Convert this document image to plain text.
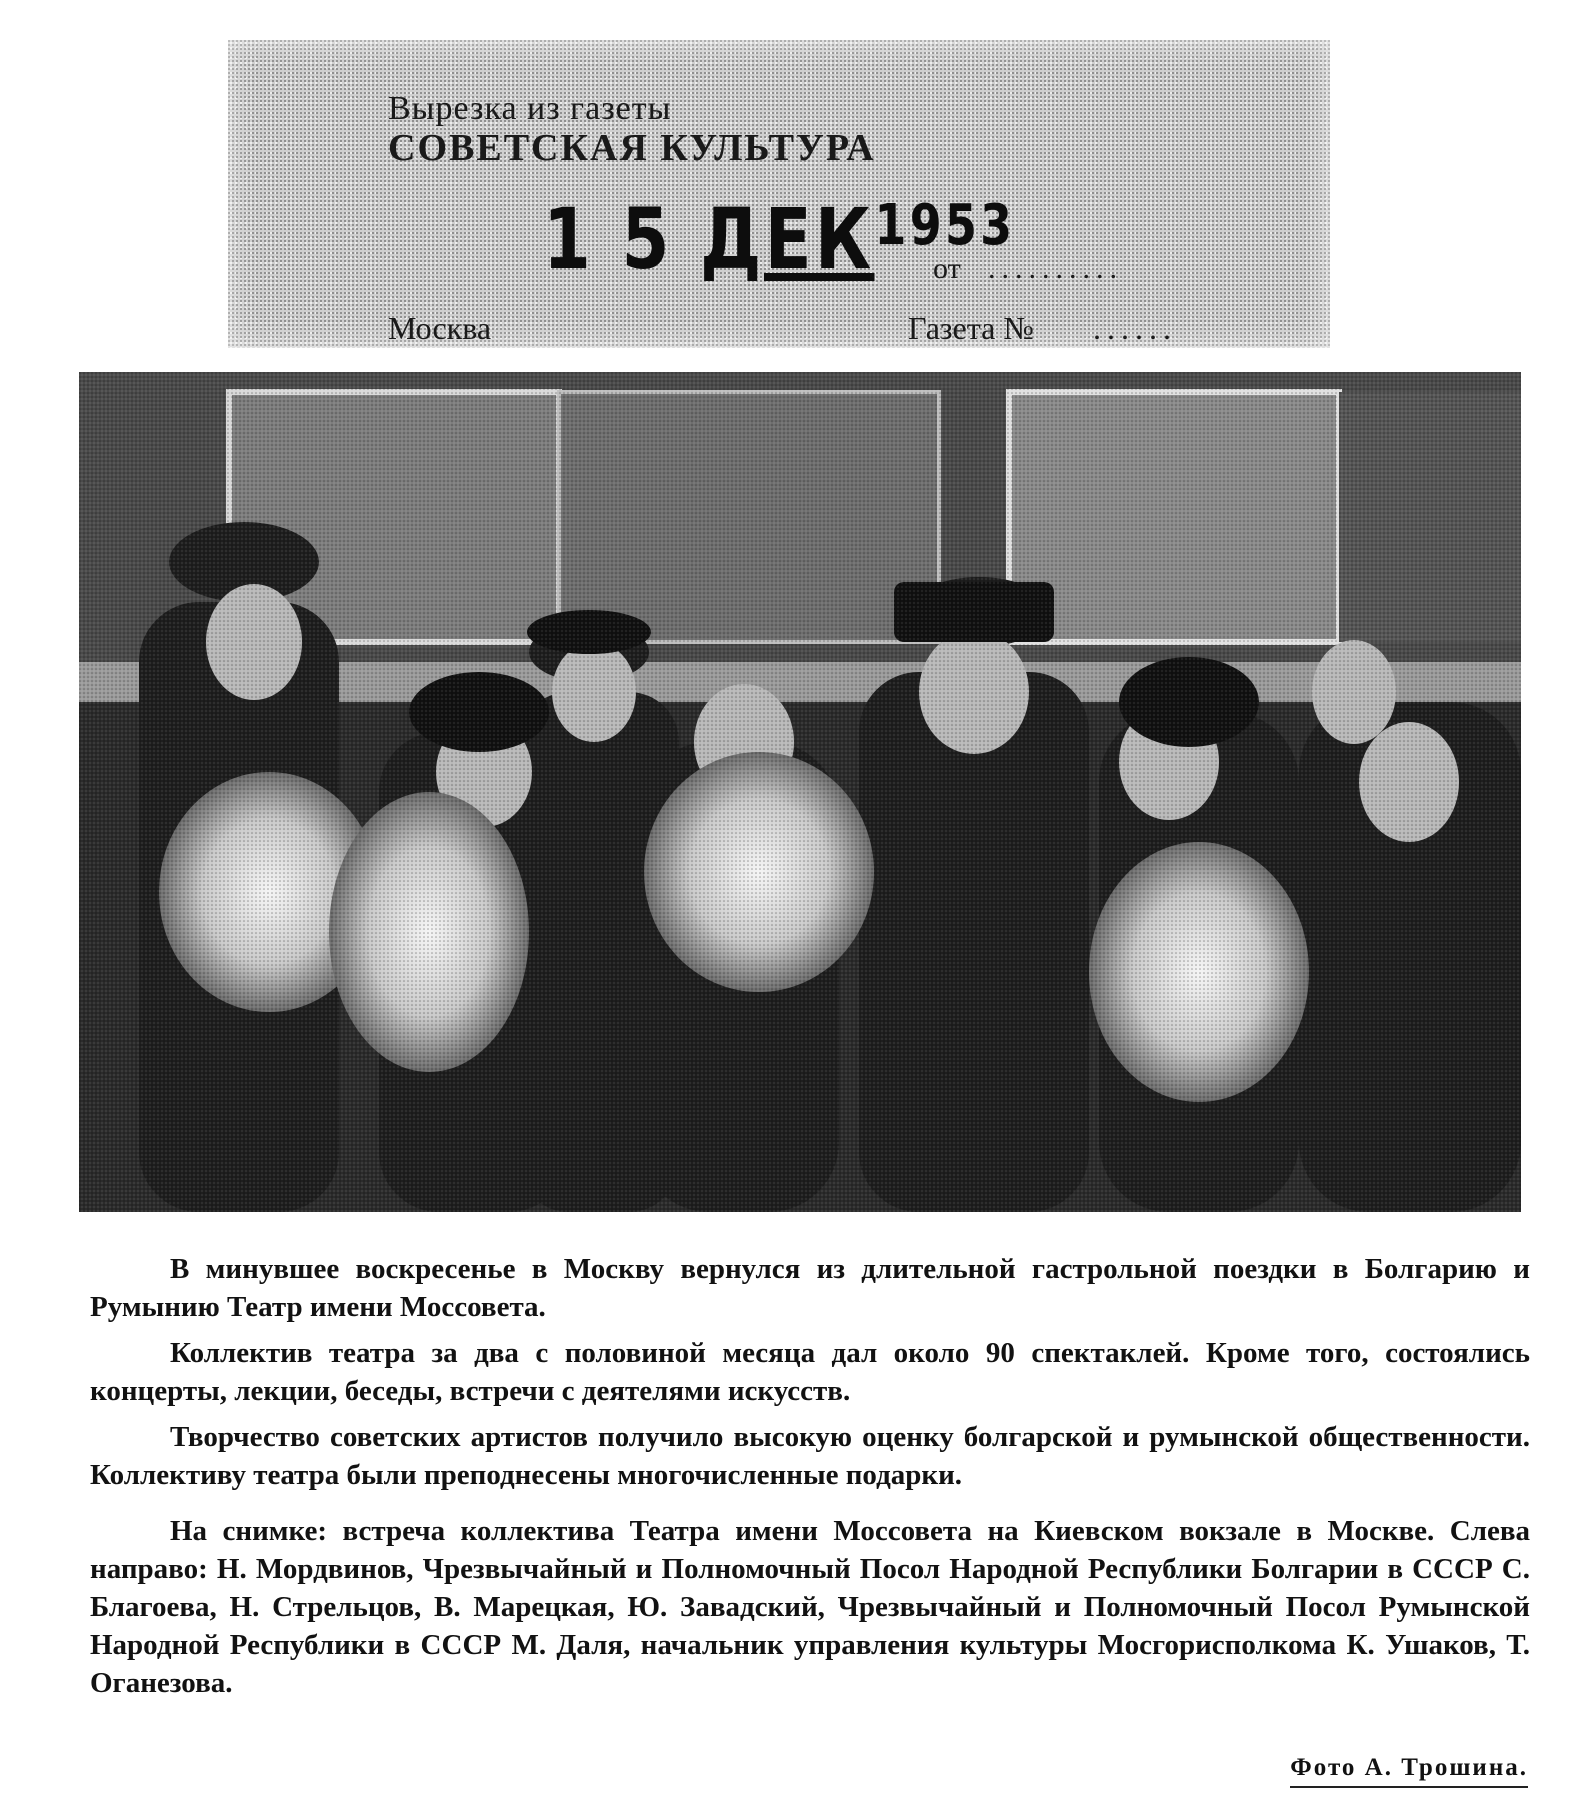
Вырезка из газеты

СОВЕТСКАЯ КУЛЬТУРА

1 5 $ДЕК^{1953}$

от ..........

Москва	Газета № ......

В минувшее воскресенье в Москву вернулся из длительной гастрольной поездки в Болгарию и Румынию Театр имени Моссовета.

Коллектив театра за два с половиной месяца дал около 90 спектаклей. Кроме того, состоялись концерты, лекции, беседы, встречи с деятелями искусств.

Творчество советских артистов получило высокую оценку болгарской и румынской общественности. Коллективу театра были преподнесены многочисленные подарки.

На снимке: встреча коллектива Театра имени Моссовета на Киевском вокзале в Москве. Слева направо: Н. Мордвинов, Чрезвычайный и Полномочный Посол Народной Республики Болгарии в СССР С. Благоева, Н. Стрельцов, В. Марецкая, Ю. Завадский, Чрезвычайный и Полномочный Посол Румынской Народной Республики в СССР М. Даля, начальник управления культуры Мосгорисполкома К. Ушаков, Т. Оганезова.

Фото А. Трошина.
